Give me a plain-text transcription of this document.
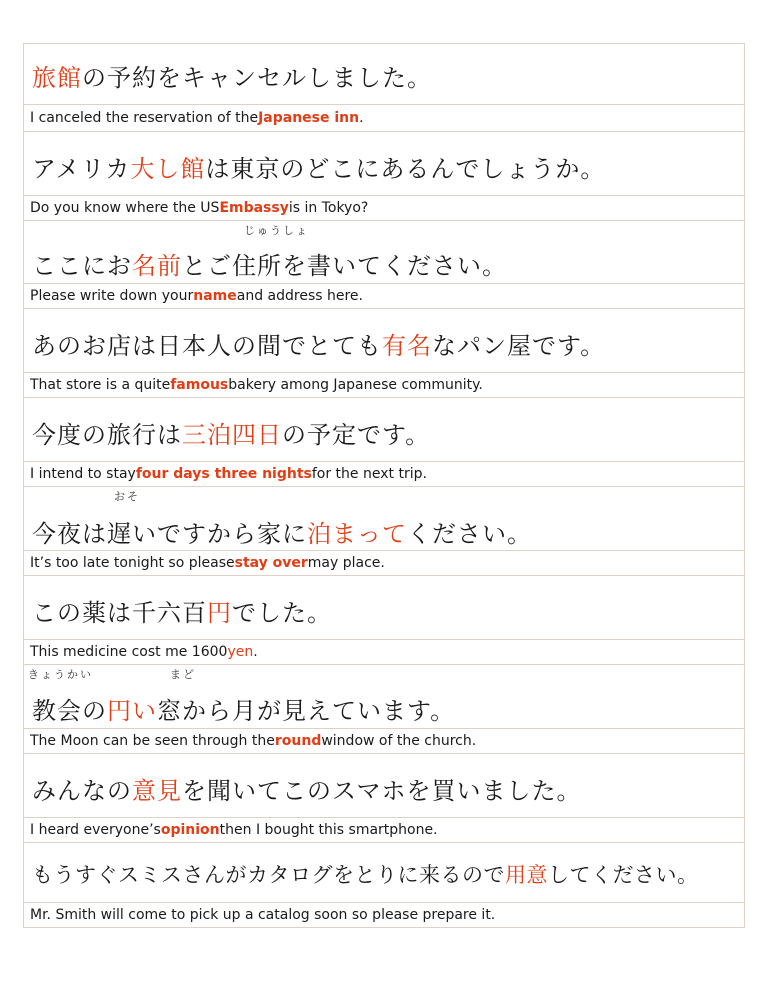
旅館 の予約をキャンセルしました。
I canceled the reservation of the Japanese inn .
アメリカ 大し館 は東京のどこにあるんでしょうか。
Do you know where the US Embassy is in Tokyo?
じゅうしょ
ここにお 名前 とご住所を書いてください。
Please write down your name and address here.
あのお店は日本人の間でとても 有名 なパン屋です。
That store is a quite famous bakery among Japanese community.
今度の旅行は 三泊四日 の予定です。
I intend to stay four days three nights for the next trip.
おそ
今夜は遅いですから家に 泊まって ください。
It’s too late tonight so please stay over may place.
この薬は千六百 円 でした。
This medicine cost me 1600 yen .
きょうかい	まど
教会の 円い 窓から月が見えています。
The Moon can be seen through the round window of the church.
みんなの 意見 を聞いてこのスマホを買いました。
I heard everyone’s opinion then I bought this smartphone.
もうすぐスミスさんがカタログをとりに来るので 用意 してください。
Mr. Smith will come to pick up a catalog soon so please prepare it.
